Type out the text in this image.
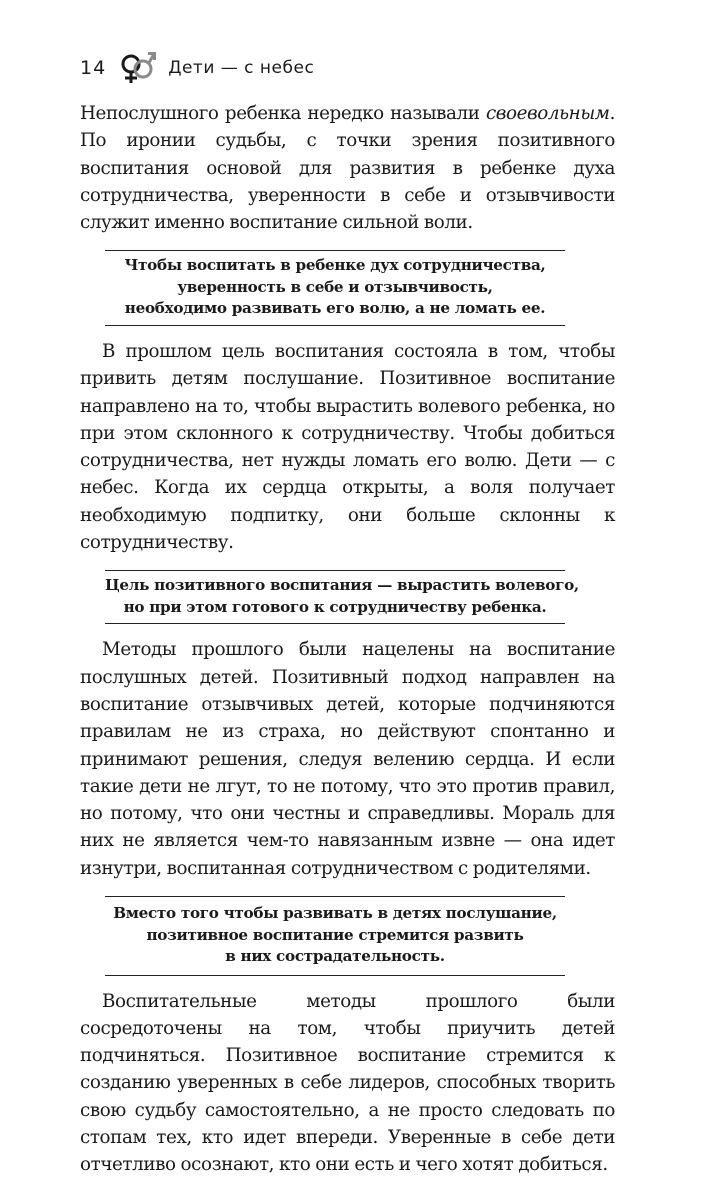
14	Дети — с небес

Непослушного ребенка нередко называли своевольным. По иронии судьбы, с точки зрения позитивного воспитания основой для развития в ребенке духа сотрудничества, уверенности в себе и отзывчивости служит именно воспитание сильной воли.

Чтобы воспитать в ребенке дух сотрудничества,
уверенность в себе и отзывчивость,
необходимо развивать его волю, а не ломать ее.

В прошлом цель воспитания состояла в том, чтобы привить детям послушание. Позитивное воспитание направлено на то, чтобы вырастить волевого ребенка, но при этом склонного к сотрудничеству. Чтобы добиться сотрудничества, нет нужды ломать его волю. Дети — с небес. Когда их сердца открыты, а воля получает необходимую подпитку, они больше склонны к сотрудничеству.

Цель позитивного воспитания — вырастить волевого,
но при этом готового к сотрудничеству ребенка.

Методы прошлого были нацелены на воспитание послушных детей. Позитивный подход направлен на воспитание отзывчивых детей, которые подчиняются правилам не из страха, но действуют спонтанно и принимают решения, следуя велению сердца. И если такие дети не лгут, то не потому, что это против правил, но потому, что они честны и справедливы. Мораль для них не является чем-то навязанным извне — она идет изнутри, воспитанная сотрудничеством с родителями.

Вместо того чтобы развивать в детях послушание,
позитивное воспитание стремится развить
в них сострадательность.

Воспитательные методы прошлого были сосредоточены на том, чтобы приучить детей подчиняться. Позитивное воспитание стремится к созданию уверенных в себе лидеров, способных творить свою судьбу самостоятельно, а не просто следовать по стопам тех, кто идет впереди. Уверенные в себе дети отчетливо осознают, кто они есть и чего хотят добиться.
